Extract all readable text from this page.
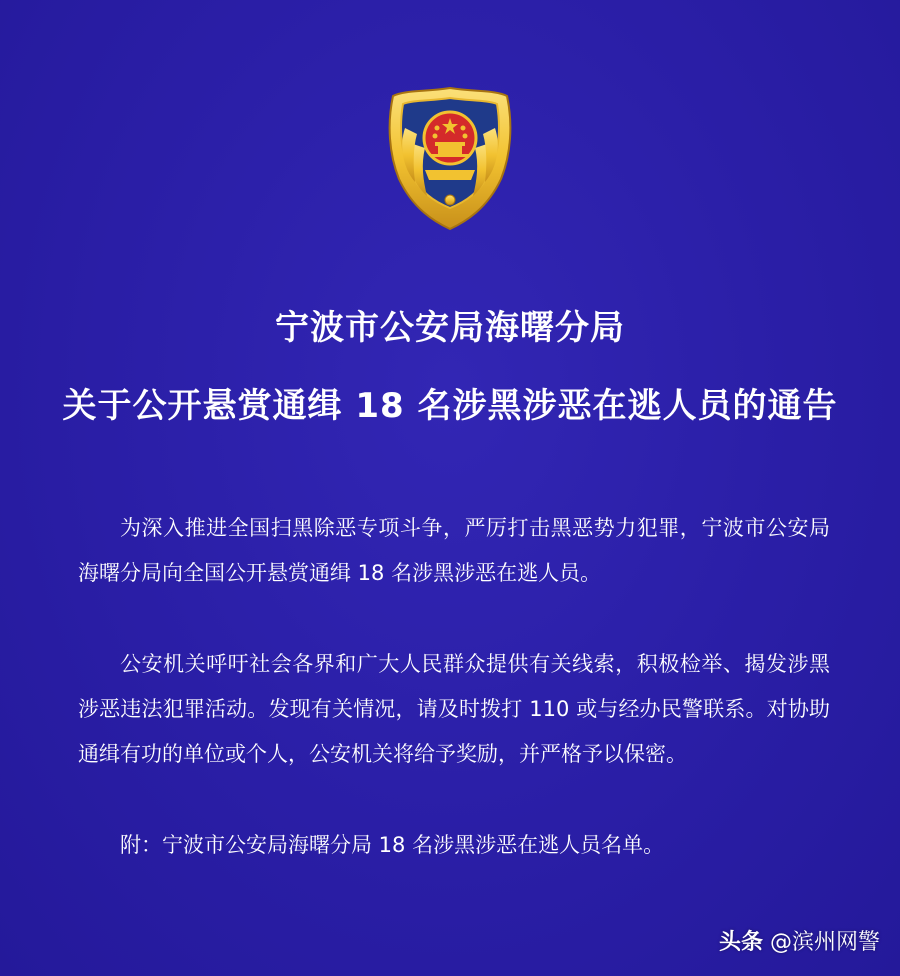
宁波市公安局海曙分局
关于公开悬赏通缉 18 名涉黑涉恶在逃人员的通告
为深入推进全国扫黑除恶专项斗争，严厉打击黑恶势力犯罪，宁波市公安局海曙分局向全国公开悬赏通缉 18 名涉黑涉恶在逃人员。
公安机关呼吁社会各界和广大人民群众提供有关线索，积极检举、揭发涉黑涉恶违法犯罪活动。发现有关情况，请及时拨打 110 或与经办民警联系。对协助通缉有功的单位或个人，公安机关将给予奖励，并严格予以保密。
附：宁波市公安局海曙分局 18 名涉黑涉恶在逃人员名单。
头条 @滨州网警
